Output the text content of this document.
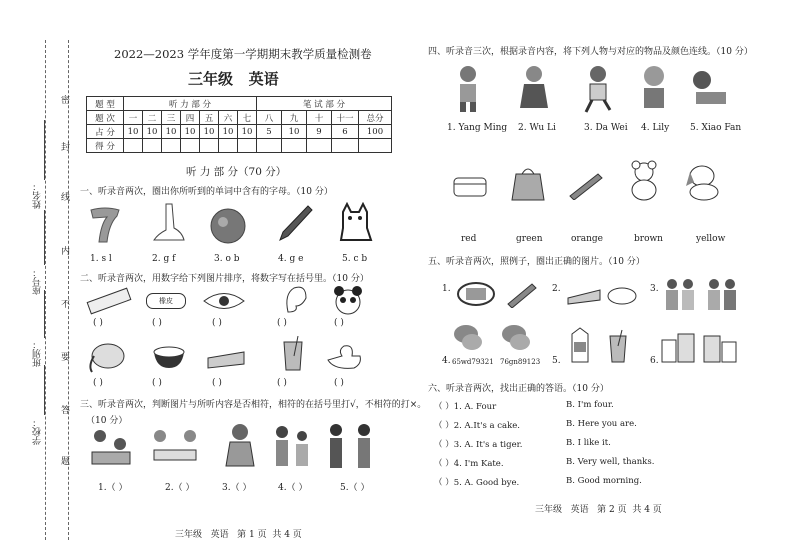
密
封
线
内
不
要
答
题
姓名：
座号：
班别：
学校：
2022—2023 学年度第一学期期末教学质量检测卷
三年级   英语
题 型	听 力 部 分							笔 试 部 分				
题 次	一	二	三	四	五	六	七	八	九	十	十一	总分
占 分	10	10	10	10	10	10	10	5	10	9	6	100
得 分												
听 力 部 分（70 分）
一、听录音两次，圈出你所听到的单词中含有的字母。（10 分）
1. s l	2. g f	3. o b	4. g e	5. c b
二、听录音两次，用数字给下列图片排序，将数字写在括号里。（10 分）
橡皮
( )	( )	( )	( )	( )
( )	( )	( )	( )	( )
三、听录音两次，判断图片与所听内容是否相符，相符的在括号里打√，不相符的打×。
（10 分）
1.（ ）	2.（ ）	3.（ ）	4.（ ）	5.（ ）
三年级   英语   第 1 页  共 4 页
四、听录音三次，根据录音内容，将下列人物与对应的物品及颜色连线。（10 分）
1. Yang Ming 2. Wu Li	3. Da Wei 4. Lily 5. Xiao Fan
red	green	orange	brown	yellow
五、听录音两次，照例子，圈出正确的图片。（10 分）
1.	2.	3.
4. 65wd79321 76gn89123 5.	6.
六、听录音两次，找出正确的答语。（10 分）
（ ）1. A. Four	B. I'm four.
（ ）2. A.It's a cake.	B. Here you are.
（ ）3. A. It's a tiger.	B. I like it.
（ ）4. I'm Kate.	B. Very well, thanks.
（ ）5. A. Good bye.	B. Good morning.
三年级   英语   第 2 页  共 4 页
